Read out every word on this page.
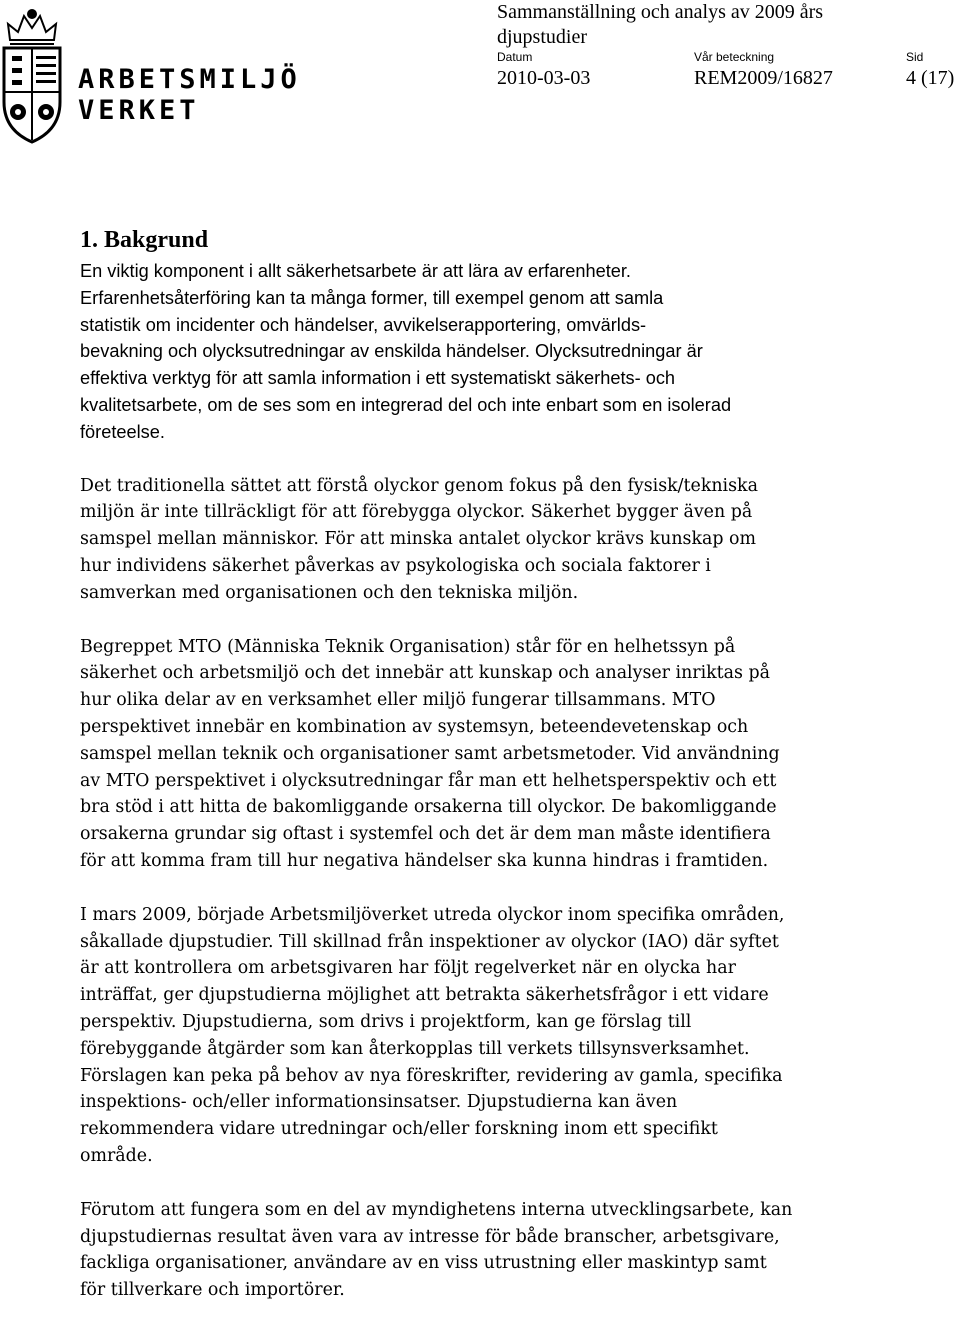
ARBETSMILJÖ
VERKET
Sammanställning och analys av 2009 års
djupstudier
Datum	Vår beteckning	Sid
2010-03-03	REM2009/16827	4 (17)
1. Bakgrund

En viktig komponent i allt säkerhetsarbete är att lära av erfarenheter.
Erfarenhetsåterföring kan ta många former, till exempel genom att samla
statistik om incidenter och händelser, avvikelserapportering, omvärlds-
bevakning och olycksutredningar av enskilda händelser. Olycksutredningar är
effektiva verktyg för att samla information i ett systematiskt säkerhets- och
kvalitetsarbete, om de ses som en integrerad del och inte enbart som en isolerad
företeelse.

Det traditionella sättet att förstå olyckor genom fokus på den fysisk/tekniska
miljön är inte tillräckligt för att förebygga olyckor. Säkerhet bygger även på
samspel mellan människor. För att minska antalet olyckor krävs kunskap om
hur individens säkerhet påverkas av psykologiska och sociala faktorer i
samverkan med organisationen och den tekniska miljön.

Begreppet MTO (Människa Teknik Organisation) står för en helhetssyn på
säkerhet och arbetsmiljö och det innebär att kunskap och analyser inriktas på
hur olika delar av en verksamhet eller miljö fungerar tillsammans. MTO
perspektivet innebär en kombination av systemsyn, beteendevetenskap och
samspel mellan teknik och organisationer samt arbetsmetoder. Vid användning
av MTO perspektivet i olycksutredningar får man ett helhetsperspektiv och ett
bra stöd i att hitta de bakomliggande orsakerna till olyckor. De bakomliggande
orsakerna grundar sig oftast i systemfel och det är dem man måste identifiera
för att komma fram till hur negativa händelser ska kunna hindras i framtiden.

I mars 2009, började Arbetsmiljöverket utreda olyckor inom specifika områden,
såkallade djupstudier. Till skillnad från inspektioner av olyckor (IAO) där syftet
är att kontrollera om arbetsgivaren har följt regelverket när en olycka har
inträffat, ger djupstudierna möjlighet att betrakta säkerhetsfrågor i ett vidare
perspektiv. Djupstudierna, som drivs i projektform, kan ge förslag till
förebyggande åtgärder som kan återkopplas till verkets tillsynsverksamhet.
Förslagen kan peka på behov av nya föreskrifter, revidering av gamla, specifika
inspektions- och/eller informationsinsatser. Djupstudierna kan även
rekommendera vidare utredningar och/eller forskning inom ett specifikt
område.

Förutom att fungera som en del av myndighetens interna utvecklingsarbete, kan
djupstudiernas resultat även vara av intresse för både branscher, arbetsgivare,
fackliga organisationer, användare av en viss utrustning eller maskintyp samt
för tillverkare och importörer.
